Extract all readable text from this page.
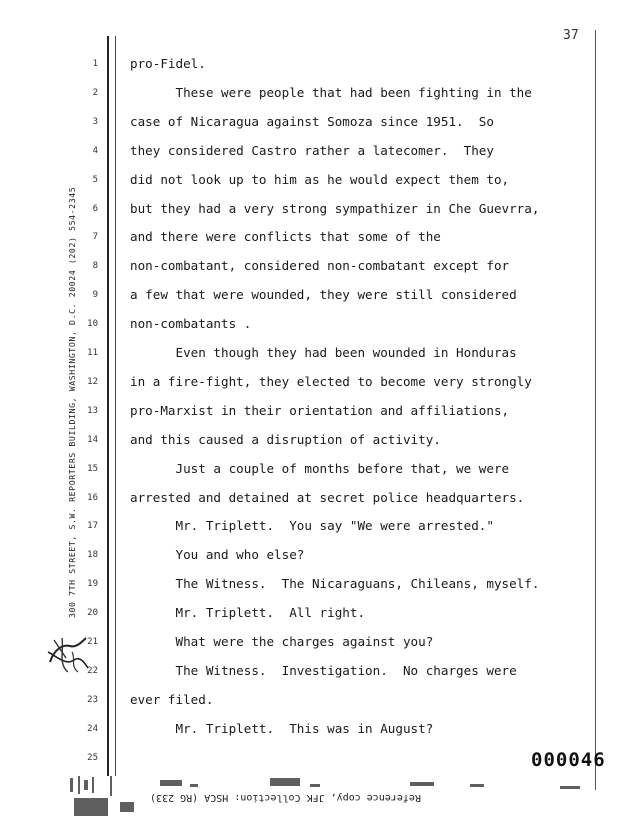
37
300 7TH STREET, S.W. REPORTERS BUILDING, WASHINGTON, D.C. 20024 (202) 554-2345
1	pro-Fidel.
2	These were people that had been fighting in the
3	case of Nicaragua against Somoza since 1951.  So
4	they considered Castro rather a latecomer.  They
5	did not look up to him as he would expect them to,
6	but they had a very strong sympathizer in Che Guevrra,
7	and there were conflicts that some of the
8	non-combatant, considered non-combatant except for
9	a few that were wounded, they were still considered
10	non-combatants .
11	Even though they had been wounded in Honduras
12	in a fire-fight, they elected to become very strongly
13	pro-Marxist in their orientation and affiliations,
14	and this caused a disruption of activity.
15	Just a couple of months before that, we were
16	arrested and detained at secret police headquarters.
17	Mr. Triplett.  You say "We were arrested."
18	You and who else?
19	The Witness.  The Nicaraguans, Chileans, myself.
20	Mr. Triplett.  All right.
21	What were the charges against you?
22	The Witness.  Investigation.  No charges were
23	ever filed.
24	Mr. Triplett.  This was in August?
25	000046
Reference copy, JFK Collection: HSCA (RG 233)
